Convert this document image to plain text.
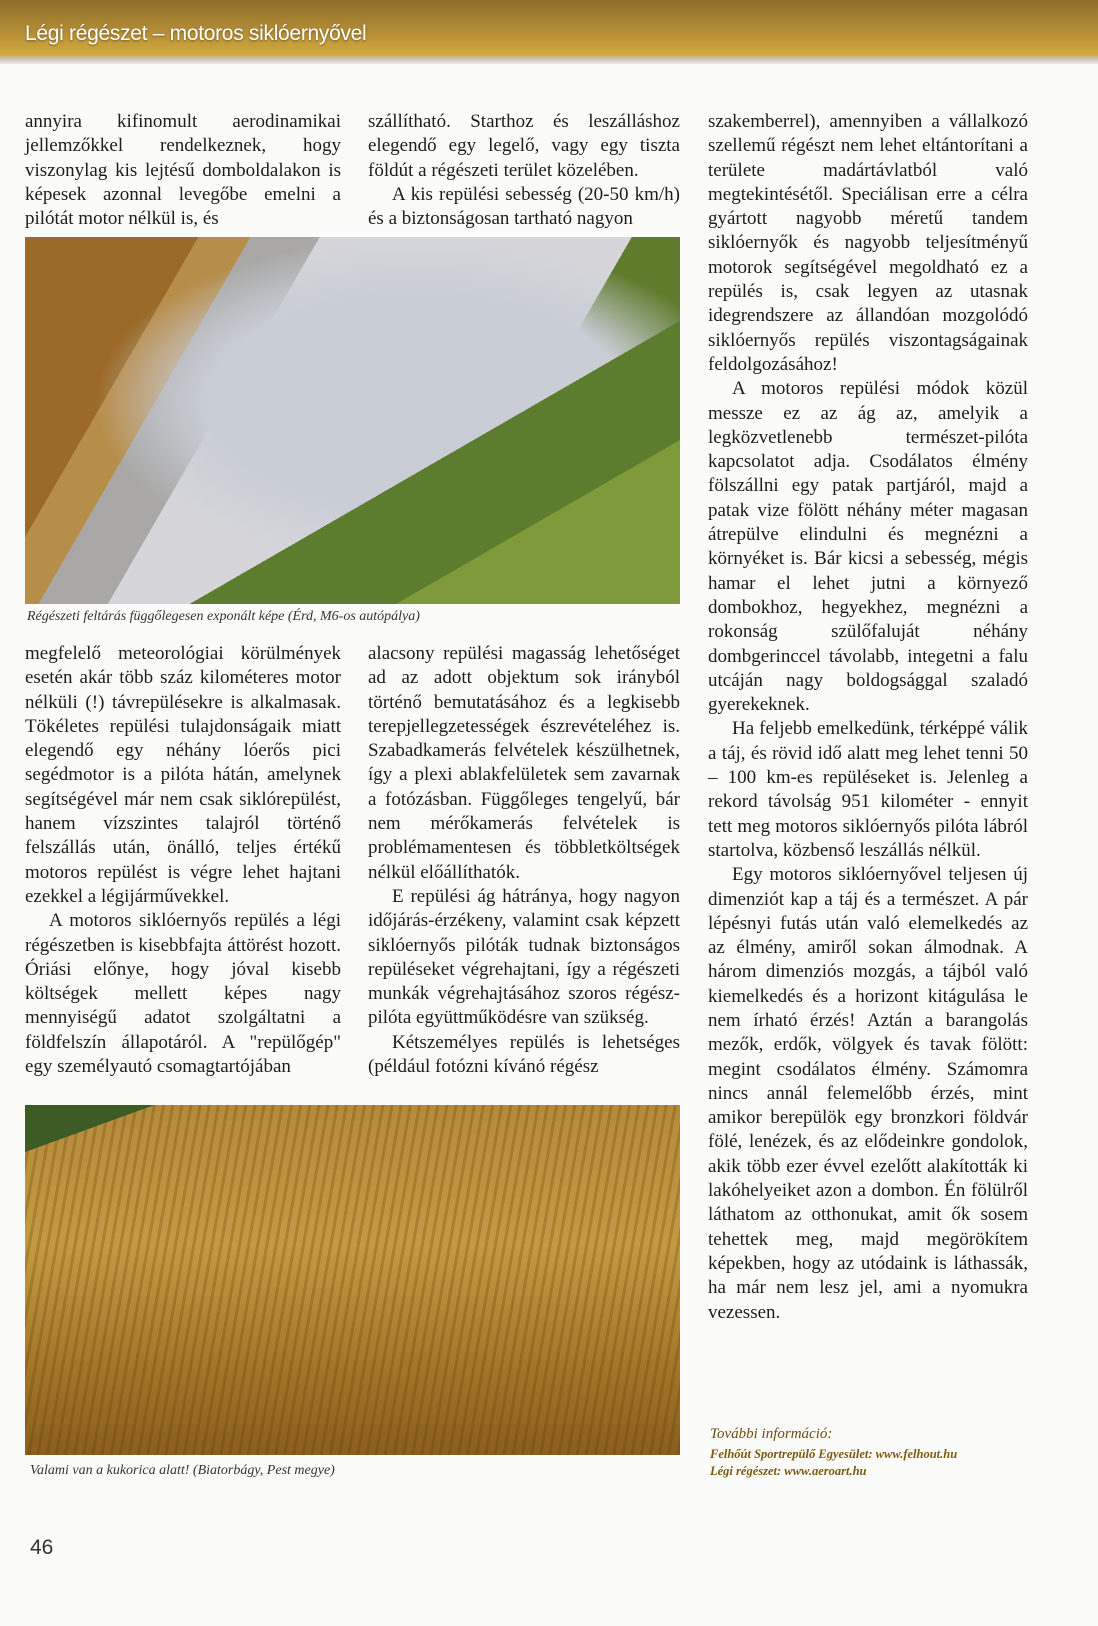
Légi régészet – motoros siklóernyővel

annyira kifinomult aerodinamikai jellemzőkkel rendelkeznek, hogy viszonylag kis lejtésű domboldalakon is képesek azonnal levegőbe emelni a pilótát motor nélkül is, és

szállítható. Starthoz és leszálláshoz elegendő egy legelő, vagy egy tiszta földút a régészeti terület közelében.

A kis repülési sebesség (20-50 km/h) és a biztonságosan tartható nagyon

Régészeti feltárás függőlegesen exponált képe (Érd, M6-os autópálya)

megfelelő meteorológiai körülmények esetén akár több száz kilométeres motor nélküli (!) távrepülésekre is alkalmasak. Tökéletes repülési tulajdonságaik miatt elegendő egy néhány lóerős pici segédmotor is a pilóta hátán, amelynek segítségével már nem csak siklórepülést, hanem vízszintes talajról történő felszállás után, önálló, teljes értékű motoros repülést is végre lehet hajtani ezekkel a légijárművekkel.

A motoros siklóernyős repülés a légi régészetben is kisebbfajta áttörést hozott. Óriási előnye, hogy jóval kisebb költségek mellett képes nagy mennyiségű adatot szolgáltatni a földfelszín állapotáról. A "repülőgép" egy személyautó csomagtartójában

alacsony repülési magasság lehetőséget ad az adott objektum sok irányból történő bemutatásához és a legkisebb terepjellegzetességek észrevételéhez is. Szabadkamerás felvételek készülhetnek, így a plexi ablakfelületek sem zavarnak a fotózásban. Függőleges tengelyű, bár nem mérőkamerás felvételek is problémamentesen és többletköltségek nélkül előállíthatók.

E repülési ág hátránya, hogy nagyon időjárás-érzékeny, valamint csak képzett siklóernyős pilóták tudnak biztonságos repüléseket végrehajtani, így a régészeti munkák végrehajtásához szoros régész-pilóta együttműködésre van szükség.

Kétszemélyes repülés is lehetséges (például fotózni kívánó régész

Valami van a kukorica alatt! (Biatorbágy, Pest megye)

szakemberrel), amennyiben a vállalkozó szellemű régészt nem lehet eltántorítani a területe madártávlatból való megtekintésétől. Speciálisan erre a célra gyártott nagyobb méretű tandem siklóernyők és nagyobb teljesítményű motorok segítségével megoldható ez a repülés is, csak legyen az utasnak idegrendszere az állandóan mozgolódó siklóernyős repülés viszontagságainak feldolgozásához!

A motoros repülési módok közül messze ez az ág az, amelyik a legközvetlenebb természet-pilóta kapcsolatot adja. Csodálatos élmény fölszállni egy patak partjáról, majd a patak vize fölött néhány méter magasan átrepülve elindulni és megnézni a környéket is. Bár kicsi a sebesség, mégis hamar el lehet jutni a környező dombokhoz, hegyekhez, megnézni a rokonság szülőfaluját néhány dombgerinccel távolabb, integetni a falu utcáján nagy boldogsággal szaladó gyerekeknek.

Ha feljebb emelkedünk, térképpé válik a táj, és rövid idő alatt meg lehet tenni 50 – 100 km-es repüléseket is. Jelenleg a rekord távolság 951 kilométer - ennyit tett meg motoros siklóernyős pilóta lábról startolva, közbenső leszállás nélkül.

Egy motoros siklóernyővel teljesen új dimenziót kap a táj és a természet. A pár lépésnyi futás után való elemelkedés az az élmény, amiről sokan álmodnak. A három dimenziós mozgás, a tájból való kiemelkedés és a horizont kitágulása le nem írható érzés! Aztán a barangolás mezők, erdők, völgyek és tavak fölött: megint csodálatos élmény. Számomra nincs annál felemelőbb érzés, mint amikor berepülök egy bronzkori földvár fölé, lenézek, és az elődeinkre gondolok, akik több ezer évvel ezelőtt alakították ki lakóhelyeiket azon a dombon. Én fölülről láthatom az otthonukat, amit ők sosem tehettek meg, majd megörökítem képekben, hogy az utódaink is láthassák, ha már nem lesz jel, ami a nyomukra vezessen.

További információ:
Felhőút Sportrepülő Egyesület: www.felhout.hu
Légi régészet: www.aeroart.hu
46
